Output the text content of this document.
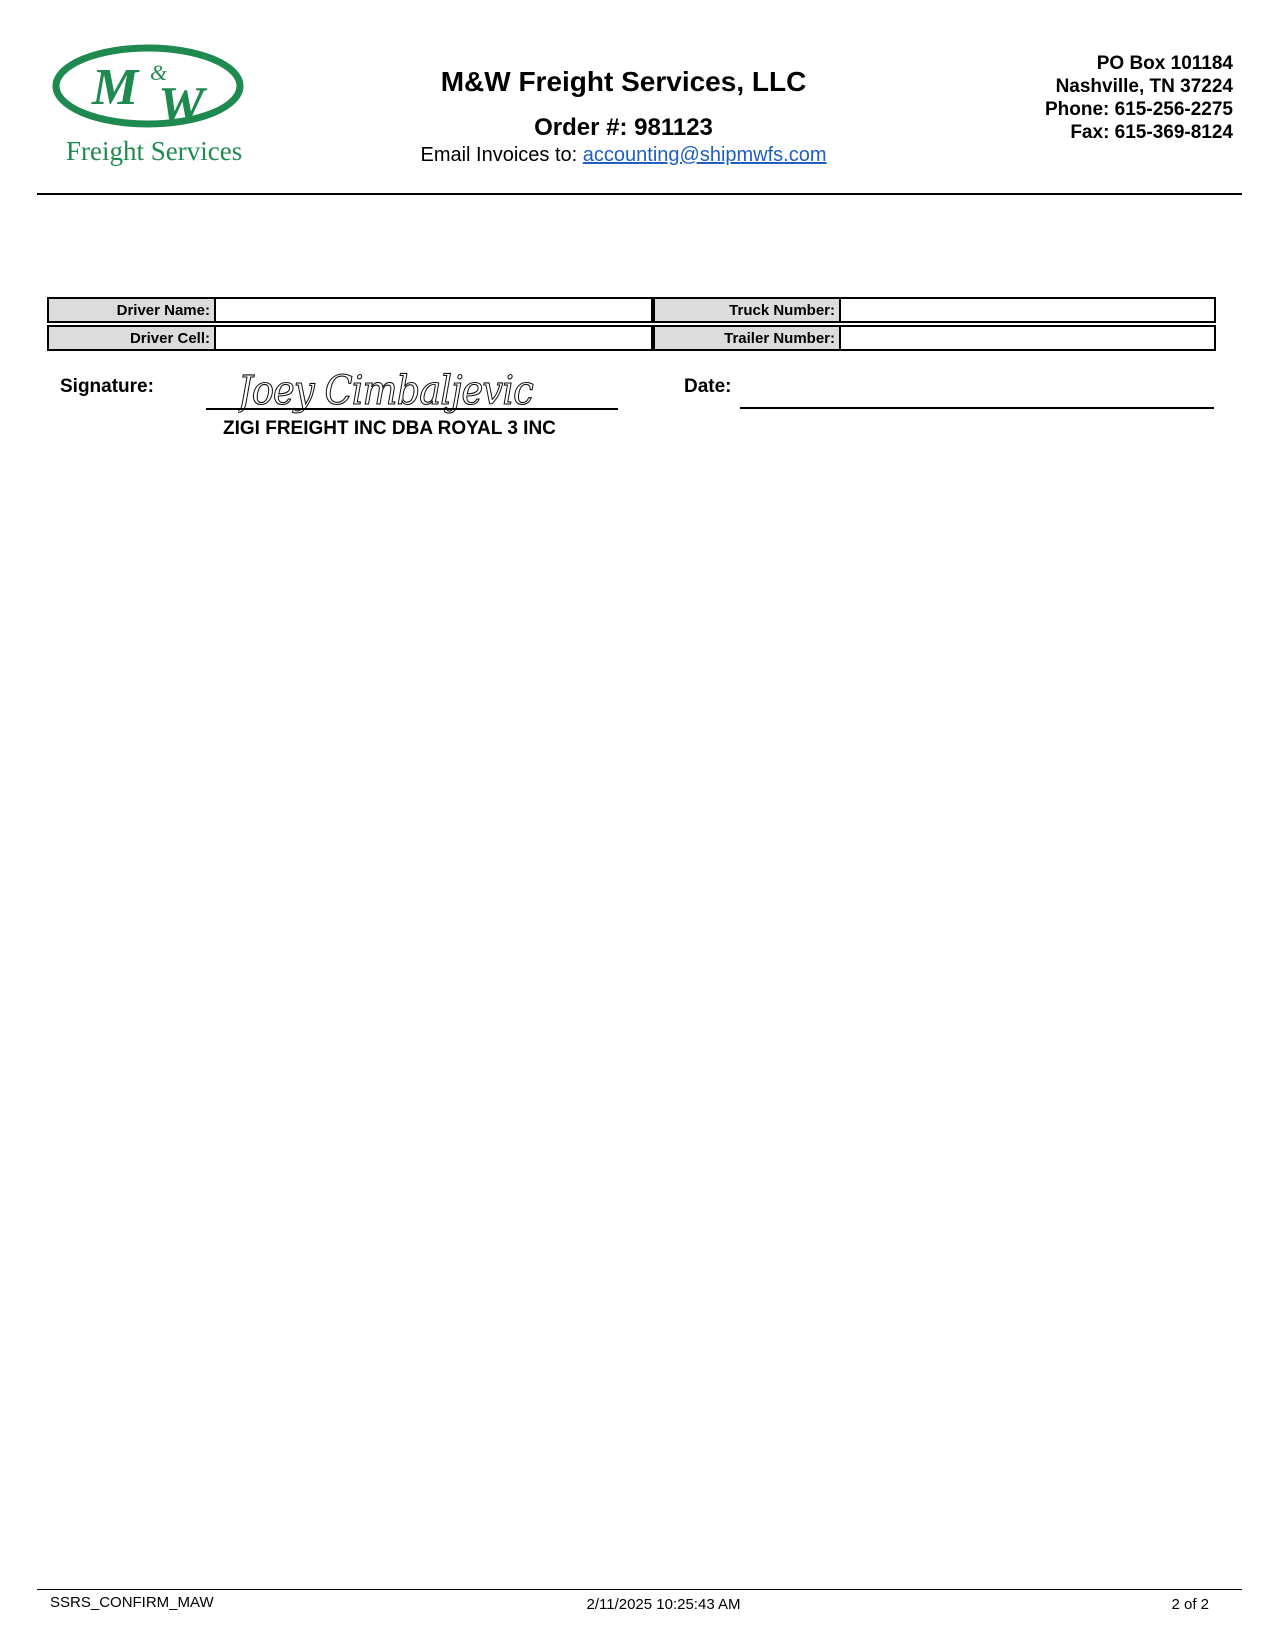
M &
W
Freight Services
M&W Freight Services, LLC
Order #: 981123
Email Invoices to: accounting@shipmwfs.com
PO Box 101184
Nashville, TN 37224
Phone: 615-256-2275
Fax: 615-369-8124
Driver Name:	Truck Number:
Driver Cell:	Trailer Number:
Signature: Joey Cimbaljevic
ZIGI FREIGHT INC DBA ROYAL 3 INC
Date:
SSRS_CONFIRM_MAW	2/11/2025 10:25:43 AM	2 of 2
